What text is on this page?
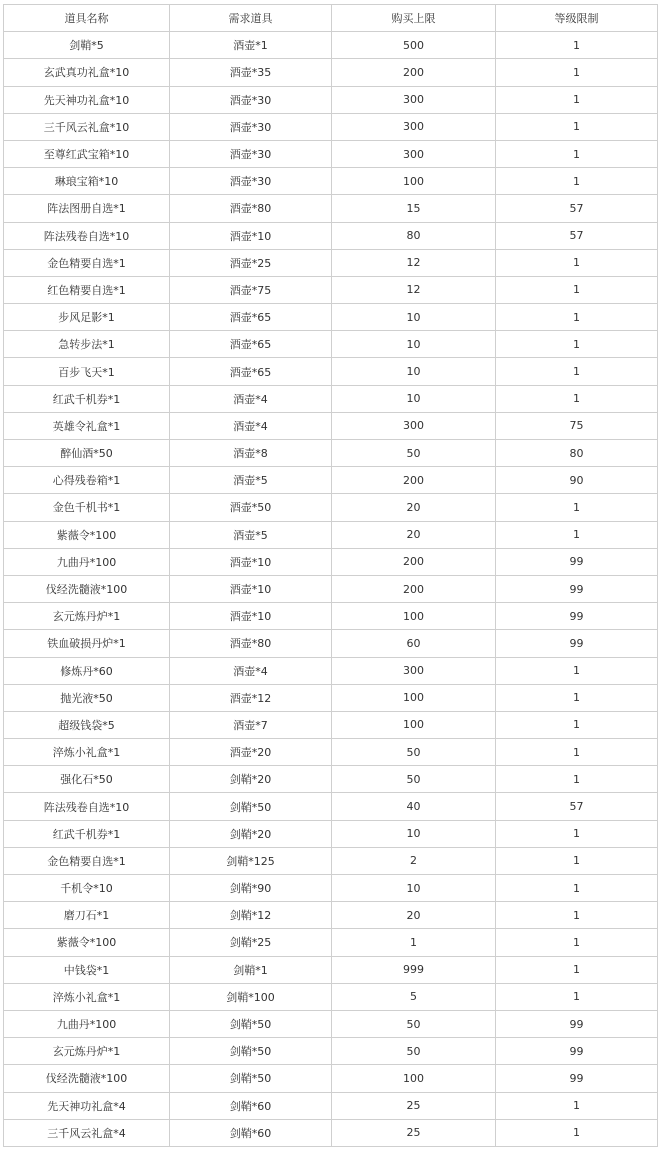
道具名称	需求道具	购买上限	等级限制
剑鞘*5	酒壶*1	500	1
玄武真功礼盒*10	酒壶*35	200	1
先天神功礼盒*10	酒壶*30	300	1
三千风云礼盒*10	酒壶*30	300	1
至尊红武宝箱*10	酒壶*30	300	1
琳琅宝箱*10	酒壶*30	100	1
阵法图册自选*1	酒壶*80	15	57
阵法残卷自选*10	酒壶*10	80	57
金色精要自选*1	酒壶*25	12	1
红色精要自选*1	酒壶*75	12	1
步风足影*1	酒壶*65	10	1
急转步法*1	酒壶*65	10	1
百步飞天*1	酒壶*65	10	1
红武千机券*1	酒壶*4	10	1
英雄令礼盒*1	酒壶*4	300	75
醉仙酒*50	酒壶*8	50	80
心得残卷箱*1	酒壶*5	200	90
金色千机书*1	酒壶*50	20	1
紫薇令*100	酒壶*5	20	1
九曲丹*100	酒壶*10	200	99
伐经洗髓液*100	酒壶*10	200	99
玄元炼丹炉*1	酒壶*10	100	99
铁血破损丹炉*1	酒壶*80	60	99
修炼丹*60	酒壶*4	300	1
抛光液*50	酒壶*12	100	1
超级钱袋*5	酒壶*7	100	1
淬炼小礼盒*1	酒壶*20	50	1
强化石*50	剑鞘*20	50	1
阵法残卷自选*10	剑鞘*50	40	57
红武千机券*1	剑鞘*20	10	1
金色精要自选*1	剑鞘*125	2	1
千机令*10	剑鞘*90	10	1
磨刀石*1	剑鞘*12	20	1
紫薇令*100	剑鞘*25	1	1
中钱袋*1	剑鞘*1	999	1
淬炼小礼盒*1	剑鞘*100	5	1
九曲丹*100	剑鞘*50	50	99
玄元炼丹炉*1	剑鞘*50	50	99
伐经洗髓液*100	剑鞘*50	100	99
先天神功礼盒*4	剑鞘*60	25	1
三千风云礼盒*4	剑鞘*60	25	1
